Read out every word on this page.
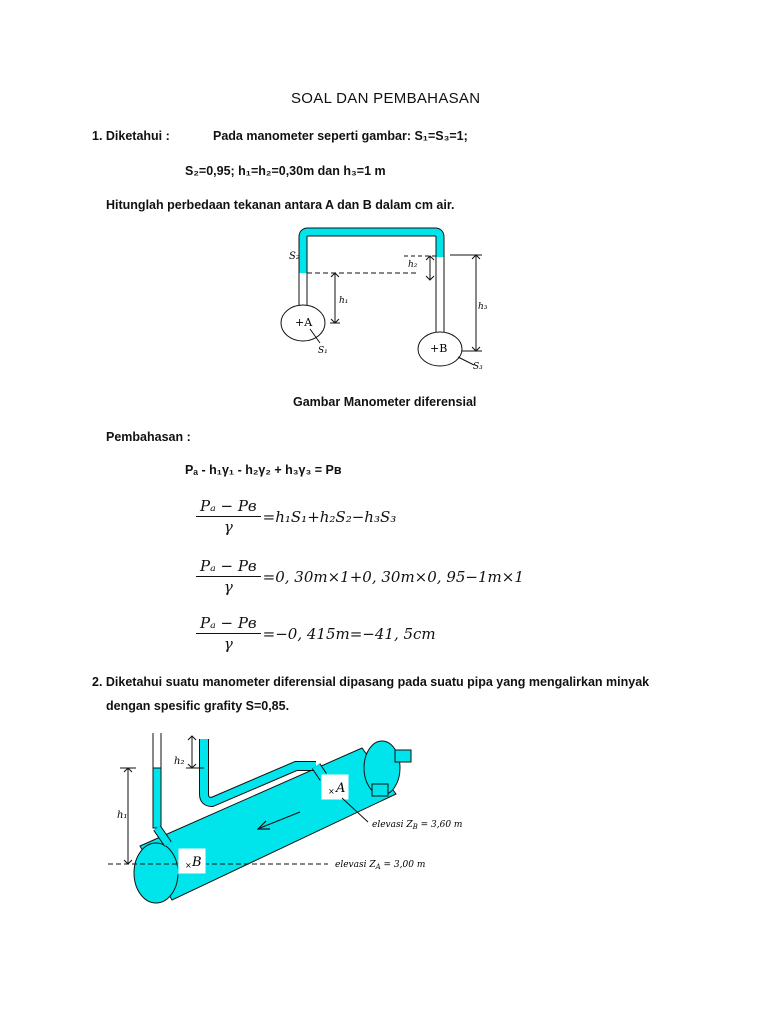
SOAL DAN PEMBAHASAN
1. Diketahui :	Pada manometer seperti gambar: S₁=S₃=1;
S₂=0,95; h₁=h₂=0,30m dan h₃=1 m
Hitunglah perbedaan tekanan antara A dan B dalam cm air.
S₂
h₂
h₁
h₃
+A
+B
S₁
S₃
Gambar Manometer diferensial
Pembahasan :
Pₐ - h₁γ₁ - h₂γ₂ + h₃γ₃ = Pв
$\frac{\text{Pₐ − Pв}}{\gamma} =h_1S_1+h_2S_2-h_3S_3$
$\frac{\text{Pₐ − Pв}}{\gamma} =0$, 30m×1+0, 30m×0, 95−1m×1
$\frac{\text{Pₐ − Pв}}{\gamma} =-0$, 415m=−41, 5cm
2. Diketahui suatu manometer diferensial dipasang pada suatu pipa yang mengalirkan minyak
dengan spesific grafity S=0,85.
×
×
h₂
h₁
A
B
elevasi $Z_B = 3,60$ m
elevasi $Z_A = 3,00$ m
